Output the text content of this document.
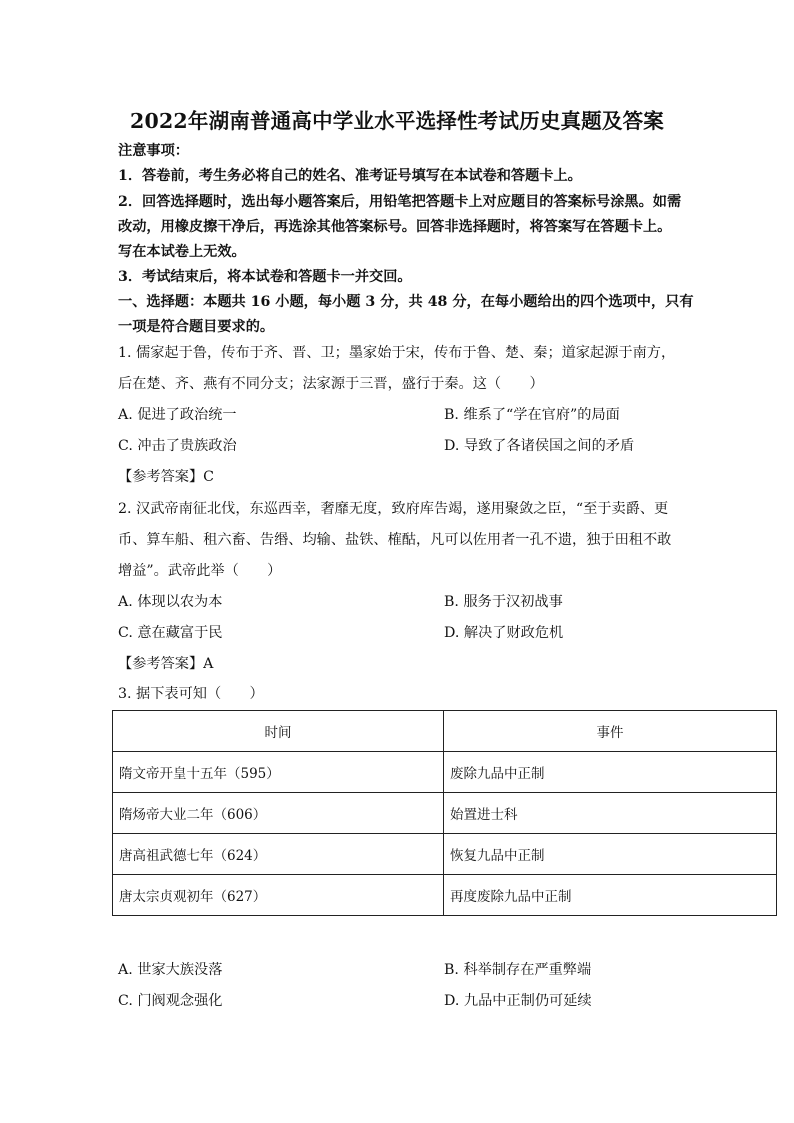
2022年湖南普通高中学业水平选择性考试历史真题及答案
注意事项：
1．答卷前，考生务必将自己的姓名、准考证号填写在本试卷和答题卡上。
2．回答选择题时，选出每小题答案后，用铅笔把答题卡上对应题目的答案标号涂黑。如需
改动，用橡皮擦干净后，再选涂其他答案标号。回答非选择题时，将答案写在答题卡上。
写在本试卷上无效。
3．考试结束后，将本试卷和答题卡一并交回。
一、选择题：本题共 16 小题，每小题 3 分，共 48 分，在每小题给出的四个选项中，只有
一项是符合题目要求的。
1. 儒家起于鲁，传布于齐、晋、卫；墨家始于宋，传布于鲁、楚、秦；道家起源于南方，
后在楚、齐、燕有不同分支；法家源于三晋，盛行于秦。这（　　）
A. 促进了政治统一	B. 维系了“学在官府”的局面
C. 冲击了贵族政治	D. 导致了各诸侯国之间的矛盾
【参考答案】C
2. 汉武帝南征北伐，东巡西幸，奢靡无度，致府库告竭，遂用聚敛之臣，“至于卖爵、更
币、算车船、租六畜、告缗、均输、盐铁、榷酤，凡可以佐用者一孔不遗，独于田租不敢
增益”。武帝此举（　　）
A. 体现以农为本	B. 服务于汉初战事
C. 意在藏富于民	D. 解决了财政危机
【参考答案】A
3. 据下表可知（　　）
时间	事件
隋文帝开皇十五年（595）	废除九品中正制
隋炀帝大业二年（606）	始置进士科
唐高祖武德七年（624）	恢复九品中正制
唐太宗贞观初年（627）	再度废除九品中正制
A. 世家大族没落	B. 科举制存在严重弊端
C. 门阀观念强化	D. 九品中正制仍可延续
